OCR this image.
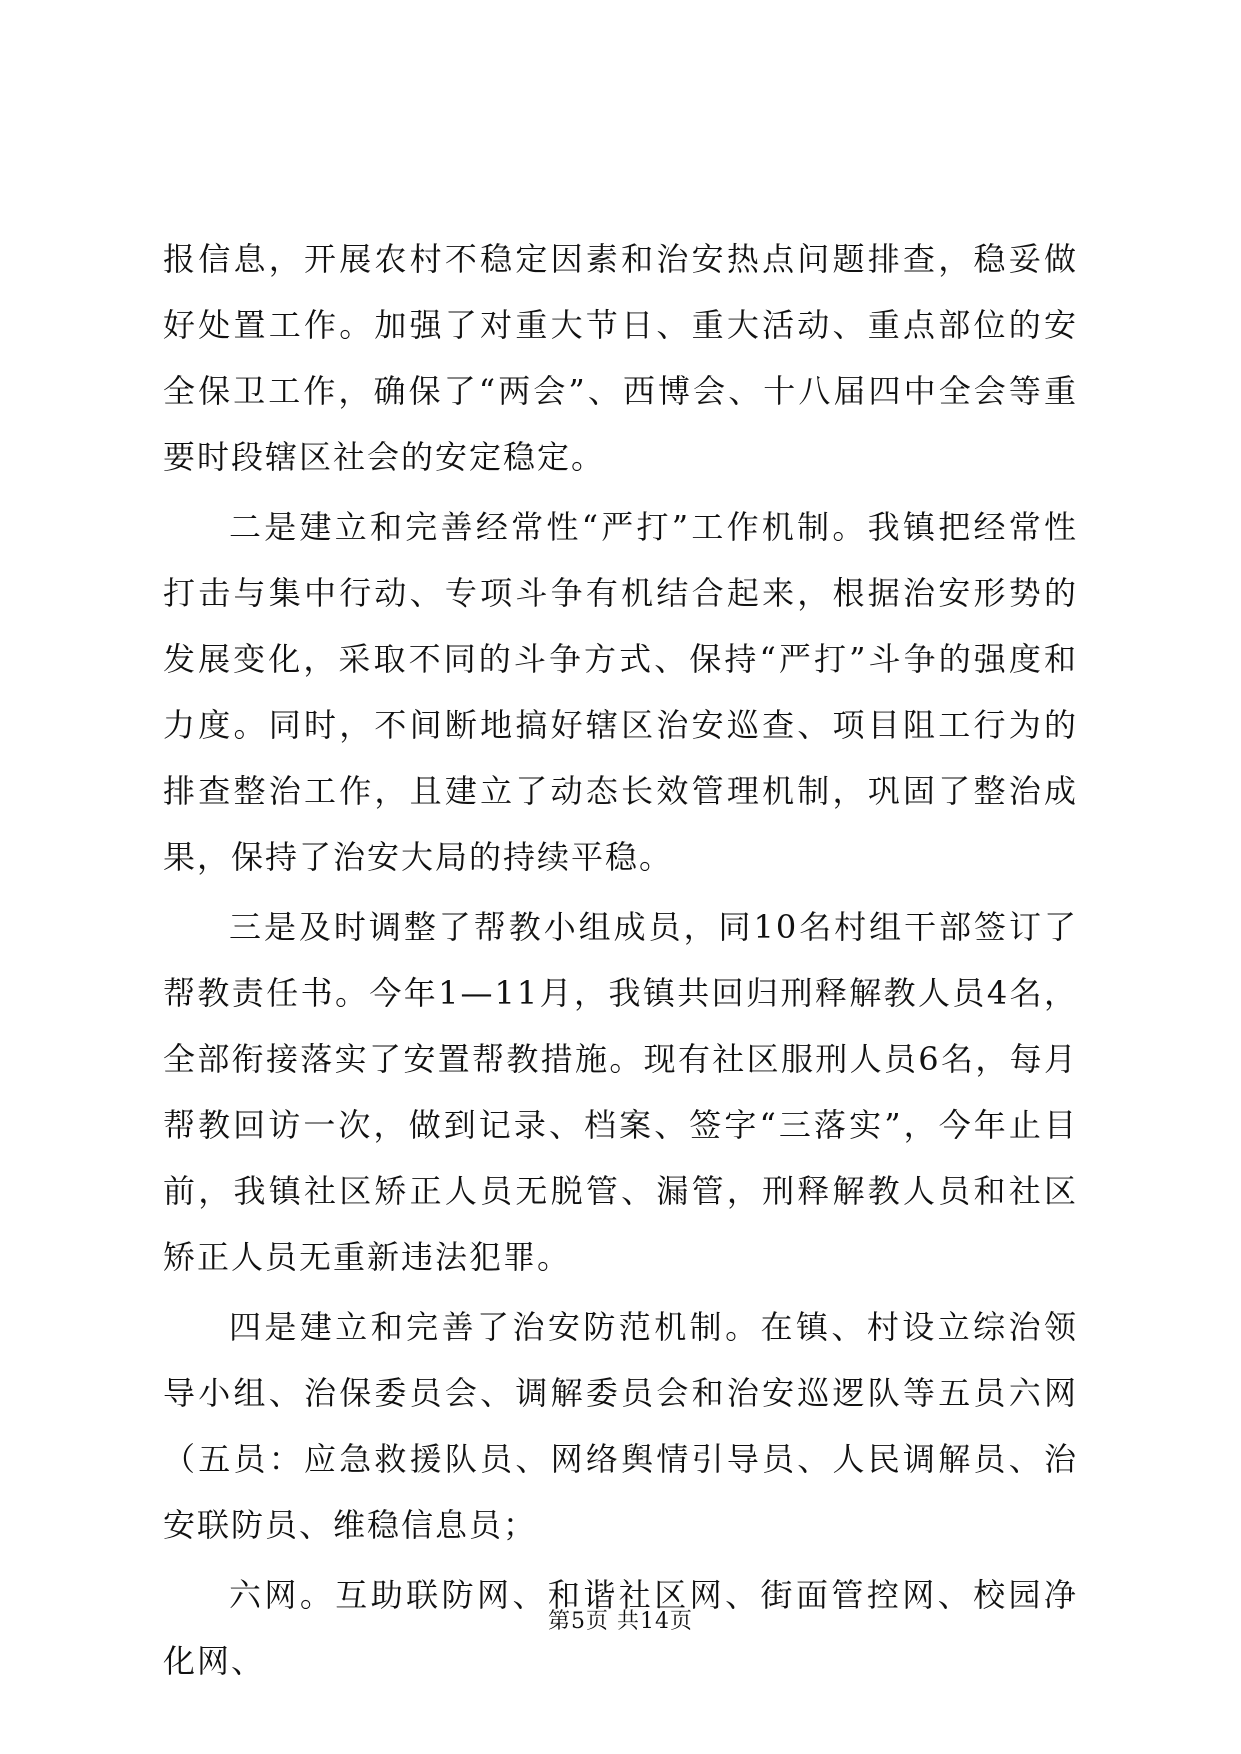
报信息，开展农村不稳定因素和治安热点问题排查，稳妥做好处置工作。加强了对重大节日、重大活动、重点部位的安全保卫工作，确保了“两会”、西博会、十八届四中全会等重要时段辖区社会的安定稳定。

二是建立和完善经常性“严打”工作机制。我镇把经常性打击与集中行动、专项斗争有机结合起来，根据治安形势的发展变化，采取不同的斗争方式、保持“严打”斗争的强度和力度。同时，不间断地搞好辖区治安巡查、项目阻工行为的排查整治工作，且建立了动态长效管理机制，巩固了整治成果，保持了治安大局的持续平稳。

三是及时调整了帮教小组成员，同10名村组干部签订了帮教责任书。今年1—11月，我镇共回归刑释解教人员4名，全部衔接落实了安置帮教措施。现有社区服刑人员6名，每月帮教回访一次，做到记录、档案、签字“三落实”，今年止目前，我镇社区矫正人员无脱管、漏管，刑释解教人员和社区矫正人员无重新违法犯罪。

四是建立和完善了治安防范机制。在镇、村设立综治领导小组、治保委员会、调解委员会和治安巡逻队等五员六网（五员：应急救援队员、网络舆情引导员、人民调解员、治安联防员、维稳信息员；

六网。互助联防网、和谐社区网、街面管控网、校园净化网、

第5页 共14页
